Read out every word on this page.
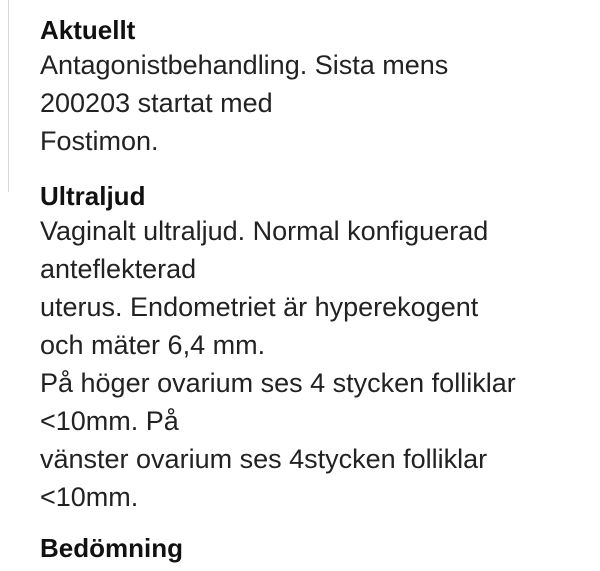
Aktuellt

Antagonistbehandling. Sista mens

200203 startat med

Fostimon.

Ultraljud

Vaginalt ultraljud. Normal konfiguerad

anteflekterad

uterus. Endometriet är hyperekogent

och mäter 6,4 mm.

På höger ovarium ses 4 stycken folliklar

<10mm. På

vänster ovarium ses 4stycken folliklar

<10mm.

Bedömning
